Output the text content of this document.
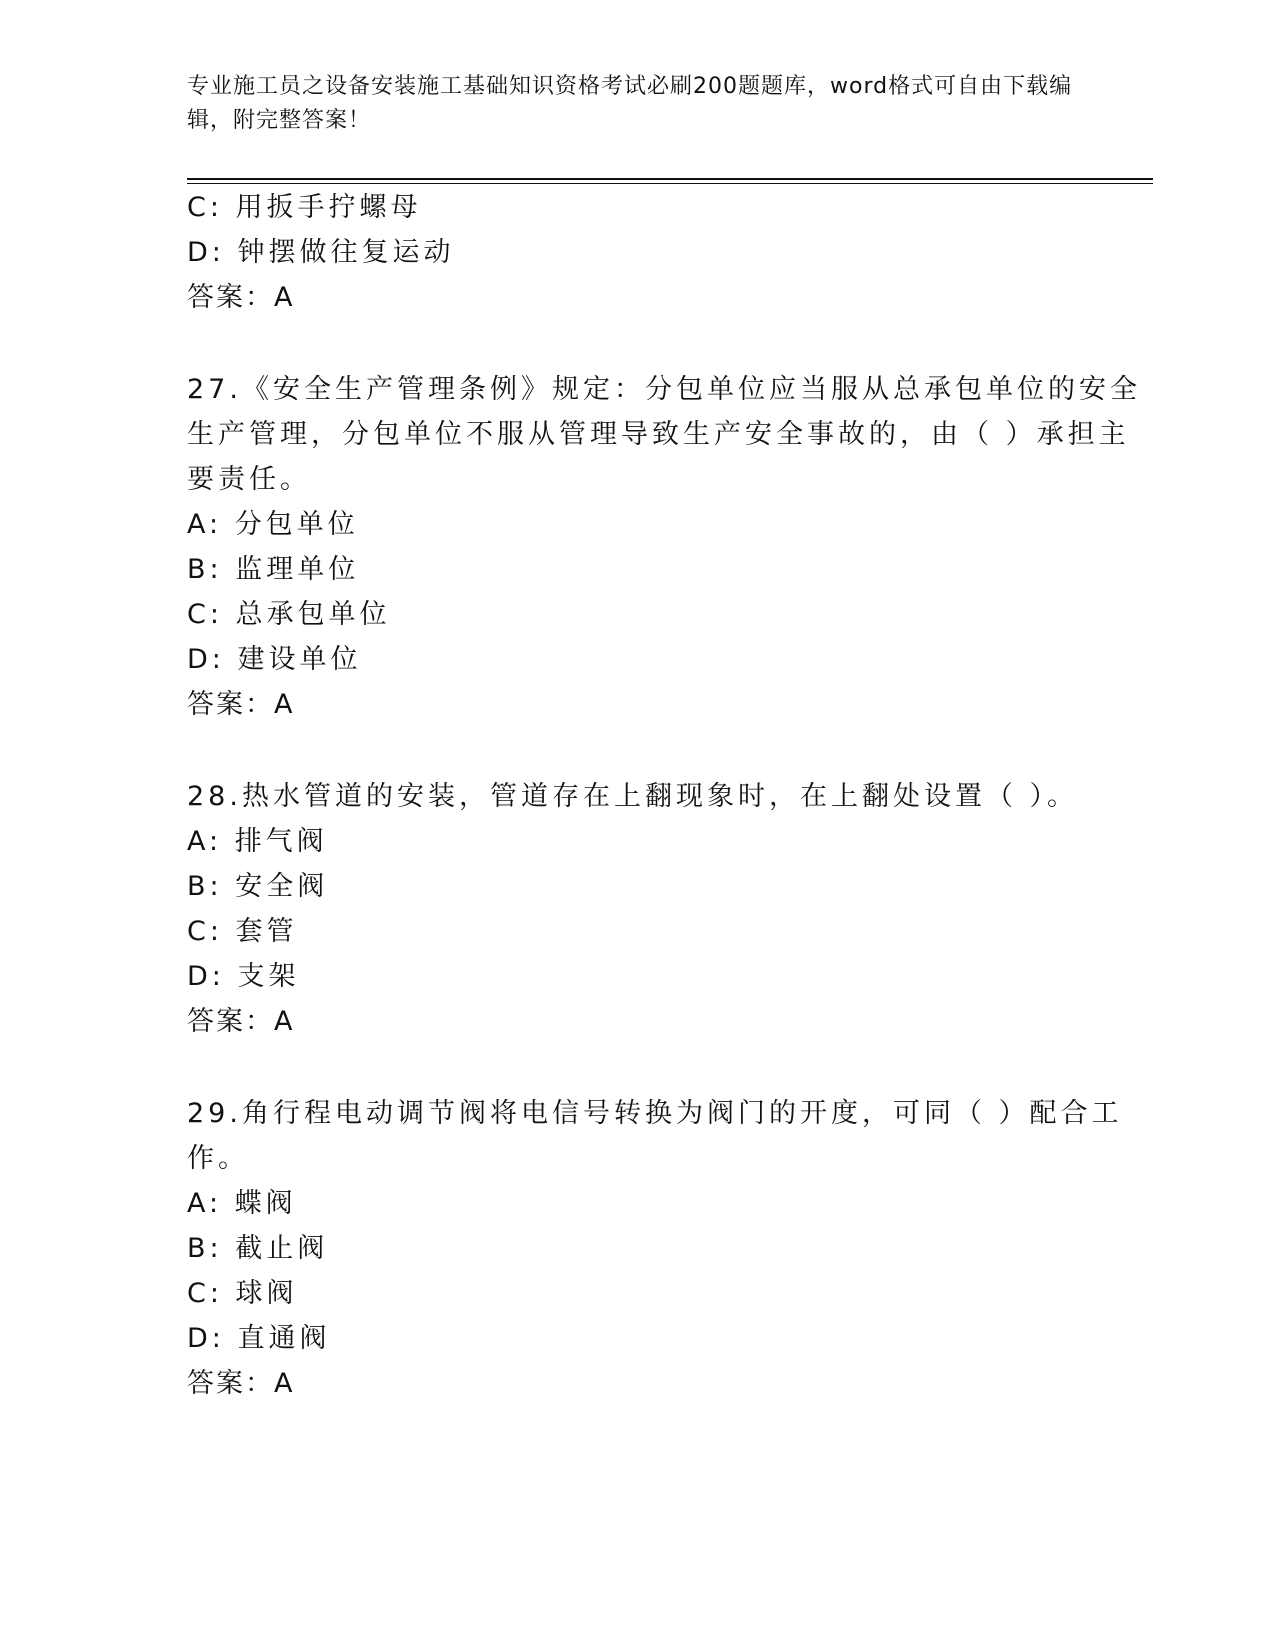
专业施工员之设备安装施工基础知识资格考试必刷200题题库，word格式可自由下载编辑，附完整答案！
C: 用扳手拧螺母
D: 钟摆做往复运动
答案：A
27.《安全生产管理条例》规定：分包单位应当服从总承包单位的安全
生产管理，分包单位不服从管理导致生产安全事故的，由（ ）承担主
要责任。
A: 分包单位
B: 监理单位
C: 总承包单位
D: 建设单位
答案：A
28.热水管道的安装，管道存在上翻现象时，在上翻处设置（ ）。
A: 排气阀
B: 安全阀
C: 套管
D: 支架
答案：A
29.角行程电动调节阀将电信号转换为阀门的开度，可同（ ）配合工
作。
A: 蝶阀
B: 截止阀
C: 球阀
D: 直通阀
答案：A
